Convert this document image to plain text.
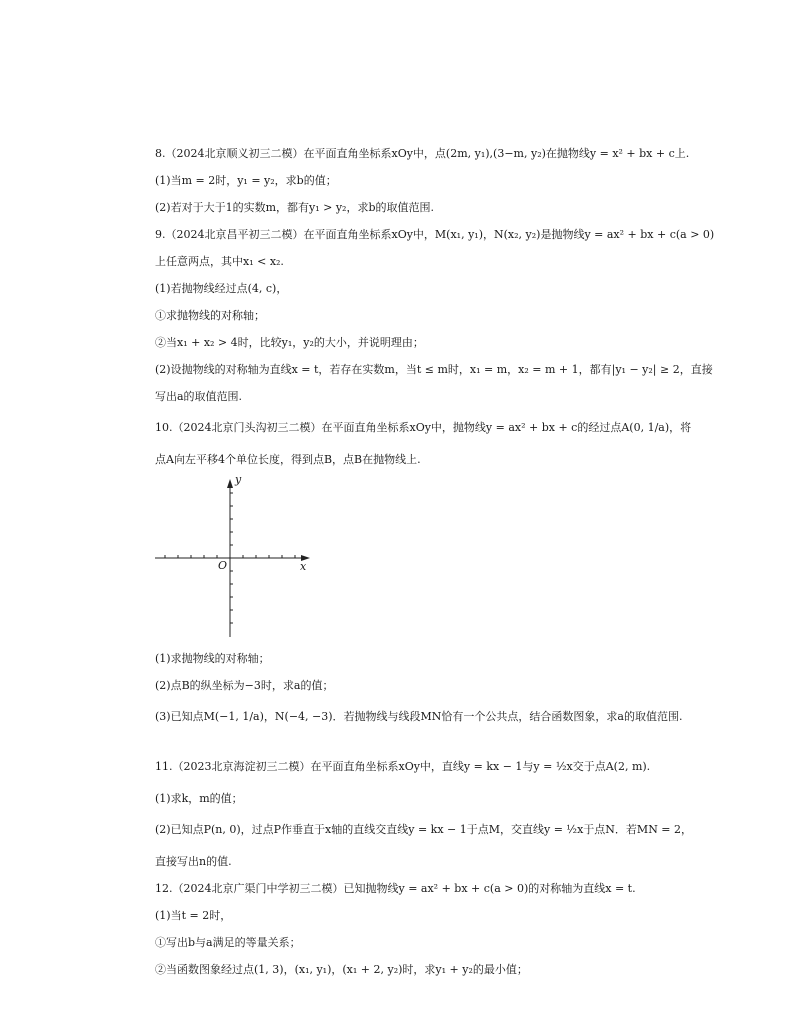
8.（2024北京顺义初三二模）在平面直角坐标系xOy中，点(2m, y₁),(3−m, y₂)在抛物线y = x² + bx + c上.
(1)当m = 2时，y₁ = y₂，求b的值；
(2)若对于大于1的实数m，都有y₁ > y₂，求b的取值范围.
9.（2024北京昌平初三二模）在平面直角坐标系xOy中，M(x₁, y₁)，N(x₂, y₂)是抛物线y = ax² + bx + c(a > 0)
上任意两点，其中x₁ < x₂.
(1)若抛物线经过点(4, c)，
①求抛物线的对称轴；
②当x₁ + x₂ > 4时，比较y₁，y₂的大小，并说明理由；
(2)设抛物线的对称轴为直线x = t，若存在实数m，当t ≤ m时，x₁ = m，x₂ = m + 1，都有|y₁ − y₂| ≥ 2，直接
写出a的取值范围.
10.（2024北京门头沟初三二模）在平面直角坐标系xOy中，抛物线y = ax² + bx + c的经过点A(0, 1/a)，将
点A向左平移4个单位长度，得到点B，点B在抛物线上.
y
x
O
(1)求抛物线的对称轴；
(2)点B的纵坐标为−3时，求a的值；
(3)已知点M(−1, 1/a)，N(−4, −3)．若抛物线与线段MN恰有一个公共点，结合函数图象，求a的取值范围.
11.（2023北京海淀初三二模）在平面直角坐标系xOy中，直线y = kx − 1与y = ½x交于点A(2, m).
(1)求k，m的值；
(2)已知点P(n, 0)，过点P作垂直于x轴的直线交直线y = kx − 1于点M，交直线y = ½x于点N．若MN = 2，
直接写出n的值.
12.（2024北京广渠门中学初三二模）已知抛物线y = ax² + bx + c(a > 0)的对称轴为直线x = t.
(1)当t = 2时，
①写出b与a满足的等量关系；
②当函数图象经过点(1, 3)，(x₁, y₁)，(x₁ + 2, y₂)时，求y₁ + y₂的最小值；
